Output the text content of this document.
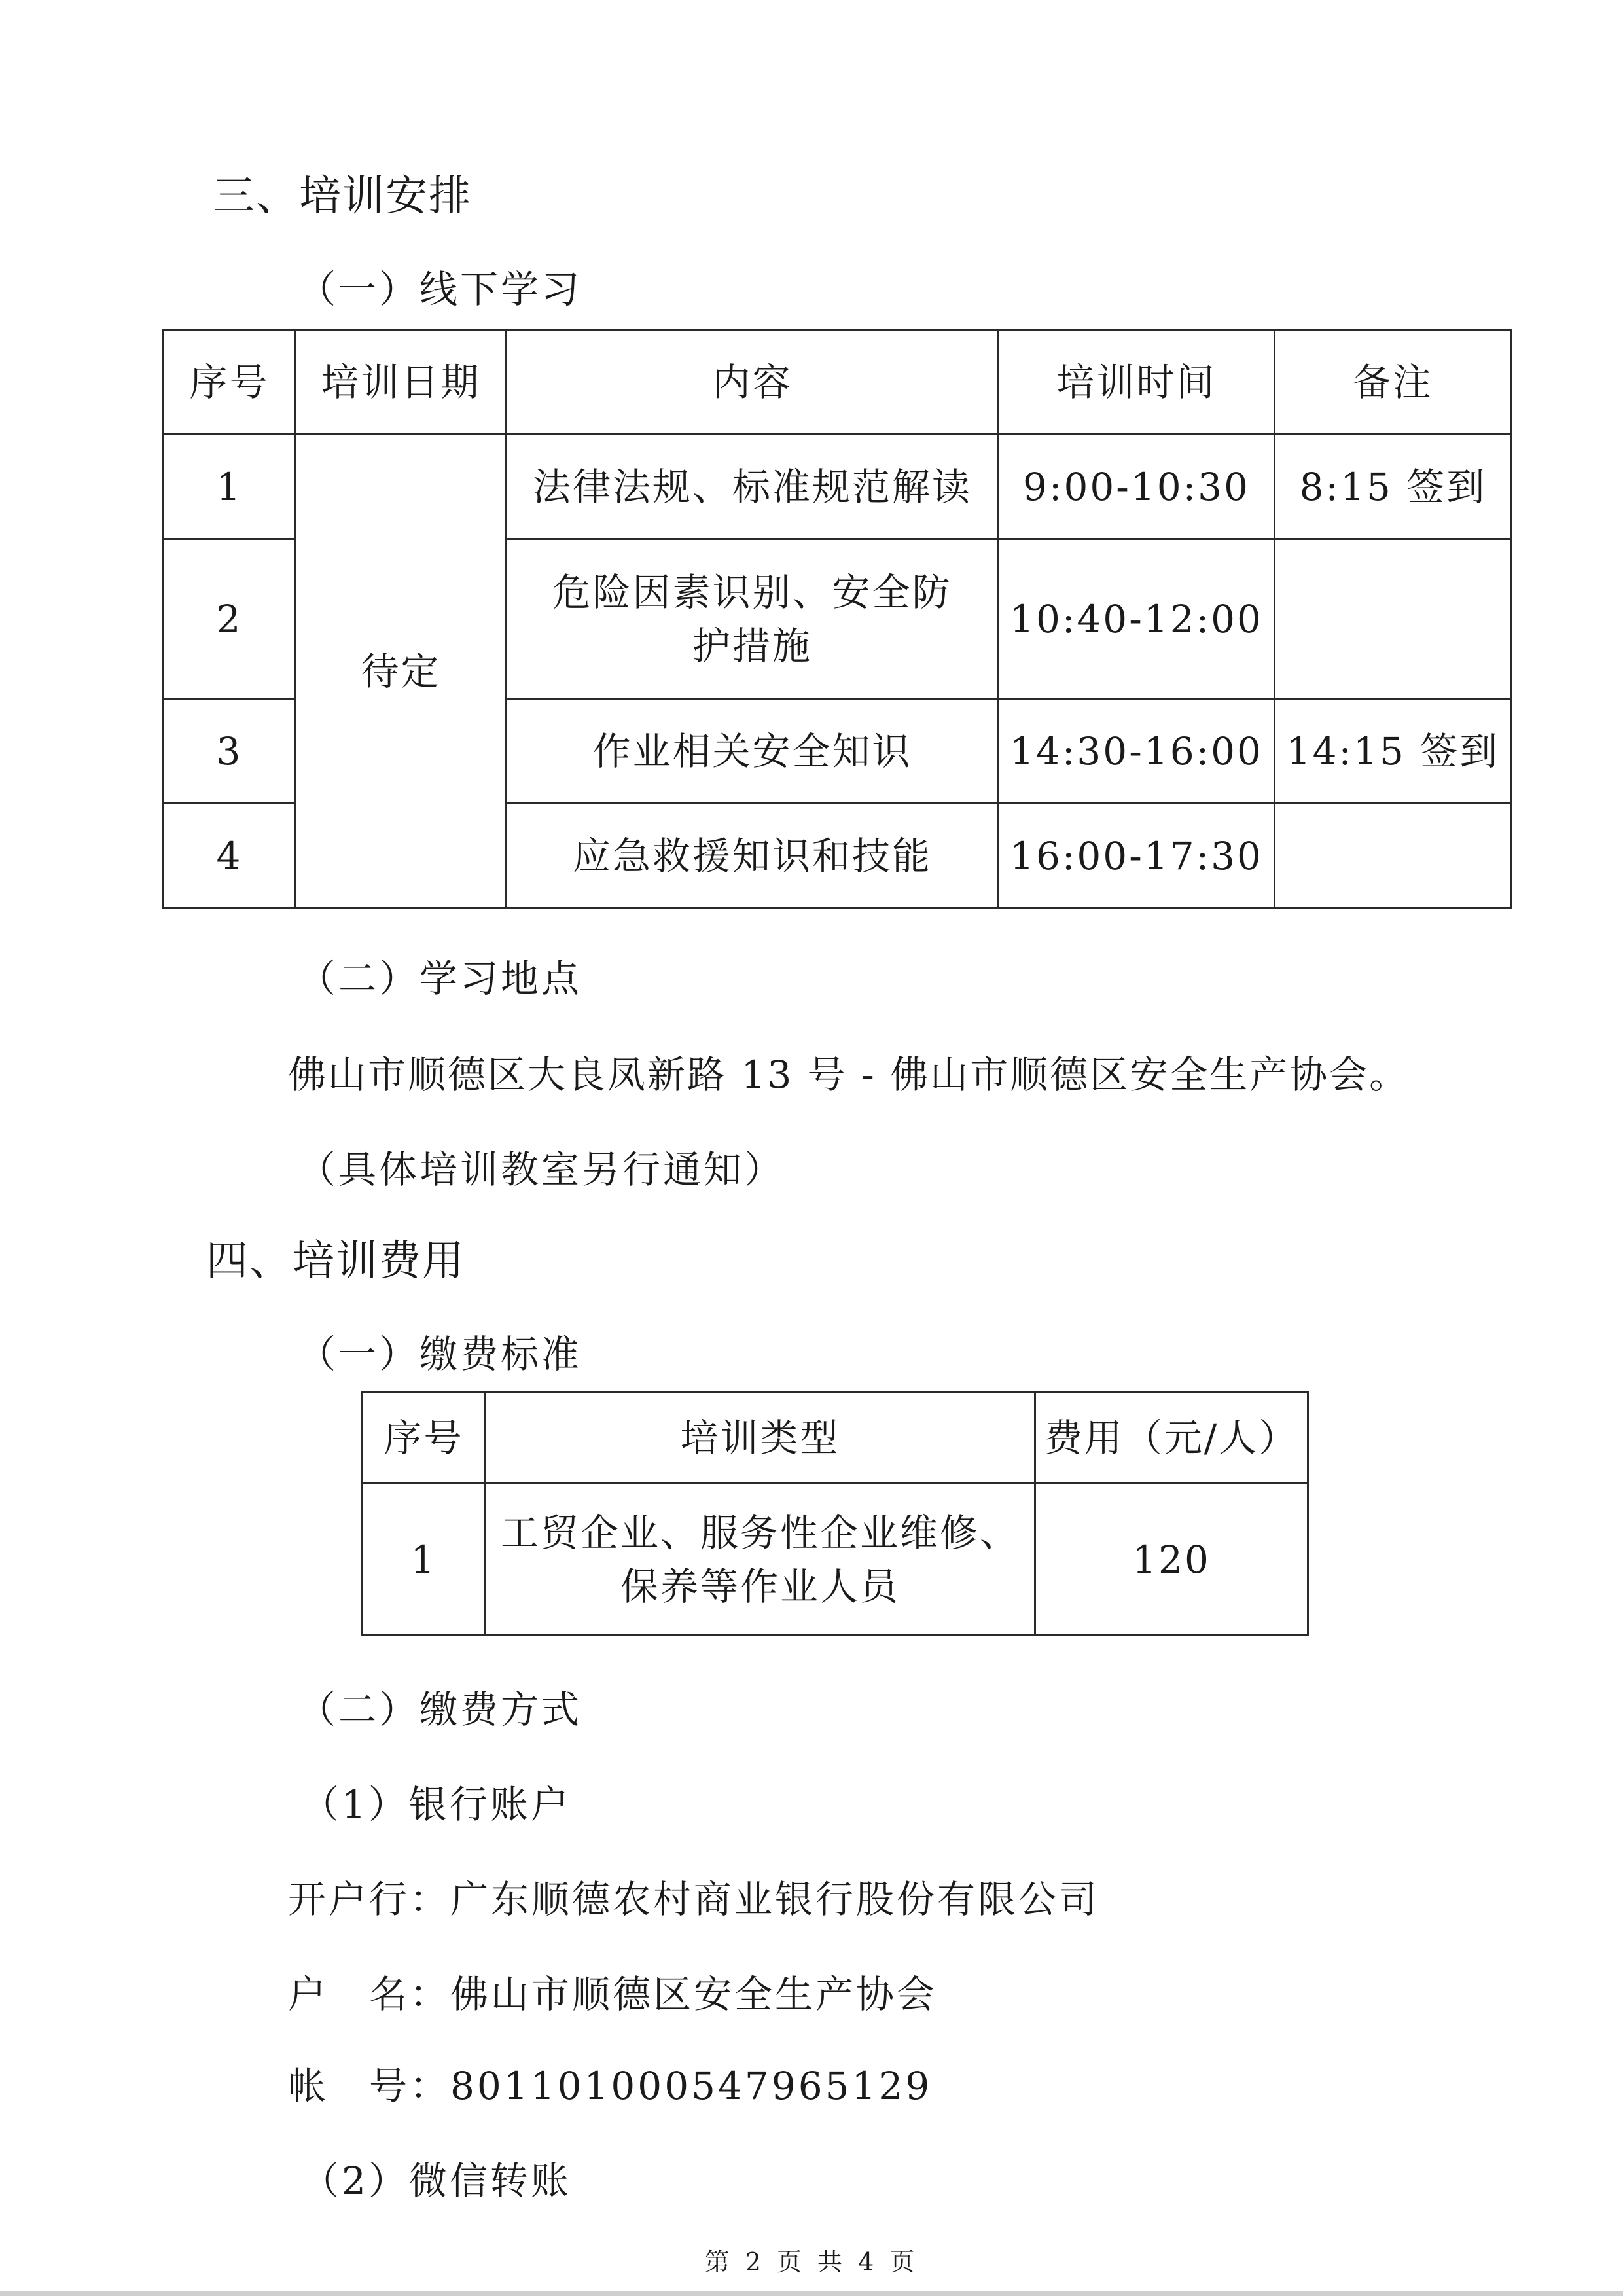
三、培训安排
（一）线下学习
序号	培训日期	内容	培训时间	备注
1	待定	法律法规、标准规范解读	9:00-10:30	8:15 签到
2		危险因素识别、安全防护措施	10:40-12:00	
3		作业相关安全知识	14:30-16:00	14:15 签到
4		应急救援知识和技能	16:00-17:30	
（二）学习地点
佛山市顺德区大良凤新路 13 号 - 佛山市顺德区安全生产协会。
（具体培训教室另行通知）
四、培训费用
（一）缴费标准
序号	培训类型	费用（元/人）
1	工贸企业、服务性企业维修、保养等作业人员	120
（二）缴费方式
（1）银行账户
开户行：广东顺德农村商业银行股份有限公司
户　名：佛山市顺德区安全生产协会
帐　号：801101000547965129
（2）微信转账
第 2 页 共 4 页
